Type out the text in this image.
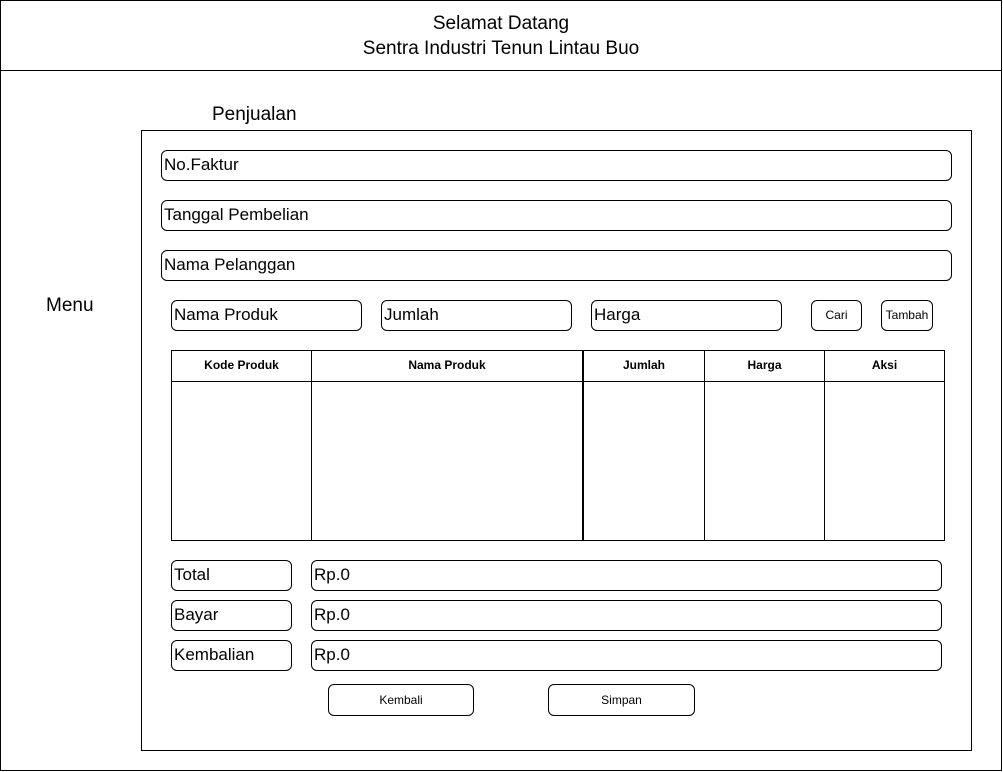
Selamat Datang
Sentra Industri Tenun Lintau Buo
Menu
Penjualan
No.Faktur
Tanggal Pembelian
Nama Pelanggan
Nama Produk	Jumlah	Harga	Cari	Tambah
Kode Produk	Nama Produk	Jumlah	Harga	Aksi
Total	Rp.0
Bayar	Rp.0
Kembalian	Rp.0
Kembali	Simpan
